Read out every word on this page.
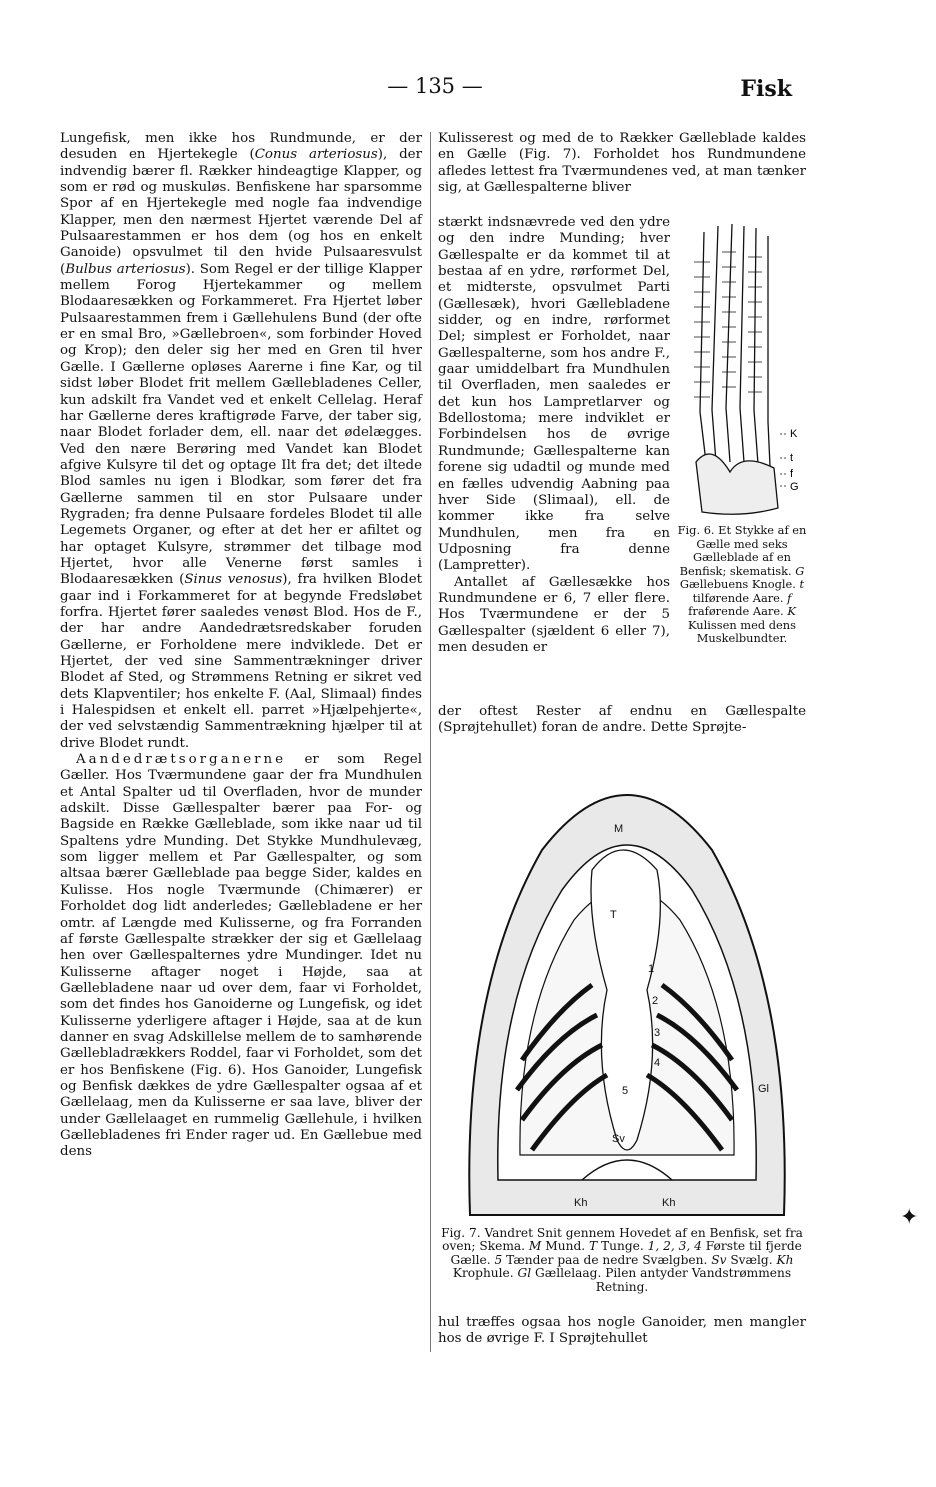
— 135 —	Fisk

Lungefisk, men ikke hos Rundmunde, er der desuden en Hjertekegle (Conus arteriosus), der indvendig bærer fl. Rækker hindeagtige Klapper, og som er rød og muskuløs. Benfiskene har sparsomme Spor af en Hjertekegle med nogle faa indvendige Klapper, men den nærmest Hjertet værende Del af Pulsaarestammen er hos dem (og hos en enkelt Ganoide) opsvulmet til den hvide Pulsaaresvulst (Bulbus arteriosus). Som Regel er der tillige Klapper mellem Forog Hjertekammer og mellem Blodaaresækken og Forkammeret. Fra Hjertet løber Pulsaarestammen frem i Gællehulens Bund (der ofte er en smal Bro, »Gællebroen«, som forbinder Hoved og Krop); den deler sig her med en Gren til hver Gælle. I Gællerne opløses Aarerne i fine Kar, og til sidst løber Blodet frit mellem Gællebladenes Celler, kun adskilt fra Vandet ved et enkelt Cellelag. Heraf har Gællerne deres kraftigrøde Farve, der taber sig, naar Blodet forlader dem, ell. naar det ødelægges. Ved den nære Berøring med Vandet kan Blodet afgive Kulsyre til det og optage Ilt fra det; det iltede Blod samles nu igen i Blodkar, som fører det fra Gællerne sammen til en stor Pulsaare under Rygraden; fra denne Pulsaare fordeles Blodet til alle Legemets Organer, og efter at det her er afiltet og har optaget Kulsyre, strømmer det tilbage mod Hjertet, hvor alle Venerne først samles i Blodaaresækken (Sinus venosus), fra hvilken Blodet gaar ind i Forkammeret for at begynde Fredsløbet forfra. Hjertet fører saaledes venøst Blod. Hos de F., der har andre Aandedrætsredskaber foruden Gællerne, er Forholdene mere indviklede. Det er Hjertet, der ved sine Sammentrækninger driver Blodet af Sted, og Strømmens Retning er sikret ved dets Klapventiler; hos enkelte F. (Aal, Slimaal) findes i Halespidsen et enkelt ell. parret »Hjælpehjerte«, der ved selvstændig Sammentrækning hjælper til at drive Blodet rundt.

Aandedrætsorganerne er som Regel Gæller. Hos Tværmundene gaar der fra Mundhulen et Antal Spalter ud til Overfladen, hvor de munder adskilt. Disse Gællespalter bærer paa For- og Bagside en Række Gælleblade, som ikke naar ud til Spaltens ydre Munding. Det Stykke Mundhulevæg, som ligger mellem et Par Gællespalter, og som altsaa bærer Gælleblade paa begge Sider, kaldes en Kulisse. Hos nogle Tværmunde (Chimærer) er Forholdet dog lidt anderledes; Gællebladene er her omtr. af Længde med Kulisserne, og fra Forranden af første Gællespalte strækker der sig et Gællelaag hen over Gællespalternes ydre Mundinger. Idet nu Kulisserne aftager noget i Højde, saa at Gællebladene naar ud over dem, faar vi Forholdet, som det findes hos Ganoiderne og Lungefisk, og idet Kulisserne yderligere aftager i Højde, saa at de kun danner en svag Adskillelse mellem de to samhørende Gællebladrækkers Roddel, faar vi Forholdet, som det er hos Benfiskene (Fig. 6). Hos Ganoider, Lungefisk og Benfisk dækkes de ydre Gællespalter ogsaa af et Gællelaag, men da Kulisserne er saa lave, bliver der under Gællelaaget en rummelig Gællehule, i hvilken Gællebladenes fri Ender rager ud. En Gællebue med dens

Kulisserest og med de to Rækker Gælleblade kaldes en Gælle (Fig. 7). Forholdet hos Rundmundene afledes lettest fra Tværmundenes ved, at man tænker sig, at Gællespalterne bliver

stærkt indsnævrede ved den ydre og den indre Munding; hver Gællespalte er da kommet til at bestaa af en ydre, rørformet Del, et midterste, opsvulmet Parti (Gællesæk), hvori Gællebladene sidder, og en indre, rørformet Del; simplest er Forholdet, naar Gællespalterne, som hos andre F., gaar umiddelbart fra Mundhulen til Overfladen, men saaledes er det kun hos Lampretlarver og Bdellostoma; mere indviklet er Forbindelsen hos de øvrige Rundmunde; Gællespalterne kan forene sig udadtil og munde med en fælles udvendig Aabning paa hver Side (Slimaal), ell. de kommer ikke fra selve Mundhulen, men fra en Udposning fra denne (Lampretter).

Antallet af Gællesække hos Rundmundene er 6, 7 eller flere. Hos Tværmundene er der 5 Gællespalter (sjældent 6 eller 7), men desuden er

der oftest Rester af endnu en Gællespalte (Sprøjtehullet) foran de andre. Dette Sprøjte-

K
t
f
G
Fig. 6. Et Stykke af en Gælle med seks Gælleblade af en Benfisk; skematisk. G Gællebuens Knogle. t tilførende Aare. f fraførende Aare. K Kulissen med dens Muskelbundter.
M
T
1
2
3
4
5
Sv
Gl
Kh	Kh
Fig. 7. Vandret Snit gennem Hovedet af en Benfisk, set fra oven; Skema. M Mund. T Tunge. 1, 2, 3, 4 Første til fjerde Gælle. 5 Tænder paa de nedre Svælgben. Sv Svælg. Kh Krophule. Gl Gællelaag. Pilen antyder Vandstrømmens Retning.

hul træffes ogsaa hos nogle Ganoider, men mangler hos de øvrige F. I Sprøjtehullet

✦
